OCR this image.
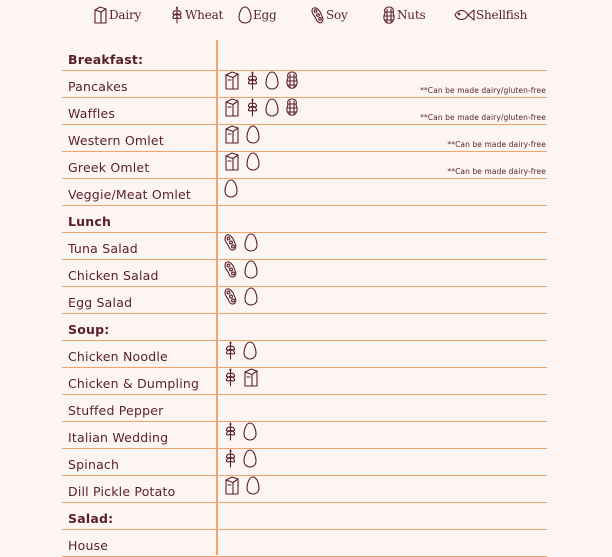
Dairy	Wheat Egg	Soy	Nuts	Shellfish
Breakfast:
Pancakes	**Can be made dairy/gluten-free
Waffles	**Can be made dairy/gluten-free
Western Omlet	**Can be made dairy-free
Greek Omlet	**Can be made dairy-free
Veggie/Meat Omlet
Lunch
Tuna Salad
Chicken Salad
Egg Salad
Soup:
Chicken Noodle
Chicken & Dumpling
Stuffed Pepper
Italian Wedding
Spinach
Dill Pickle Potato
Salad:
House
